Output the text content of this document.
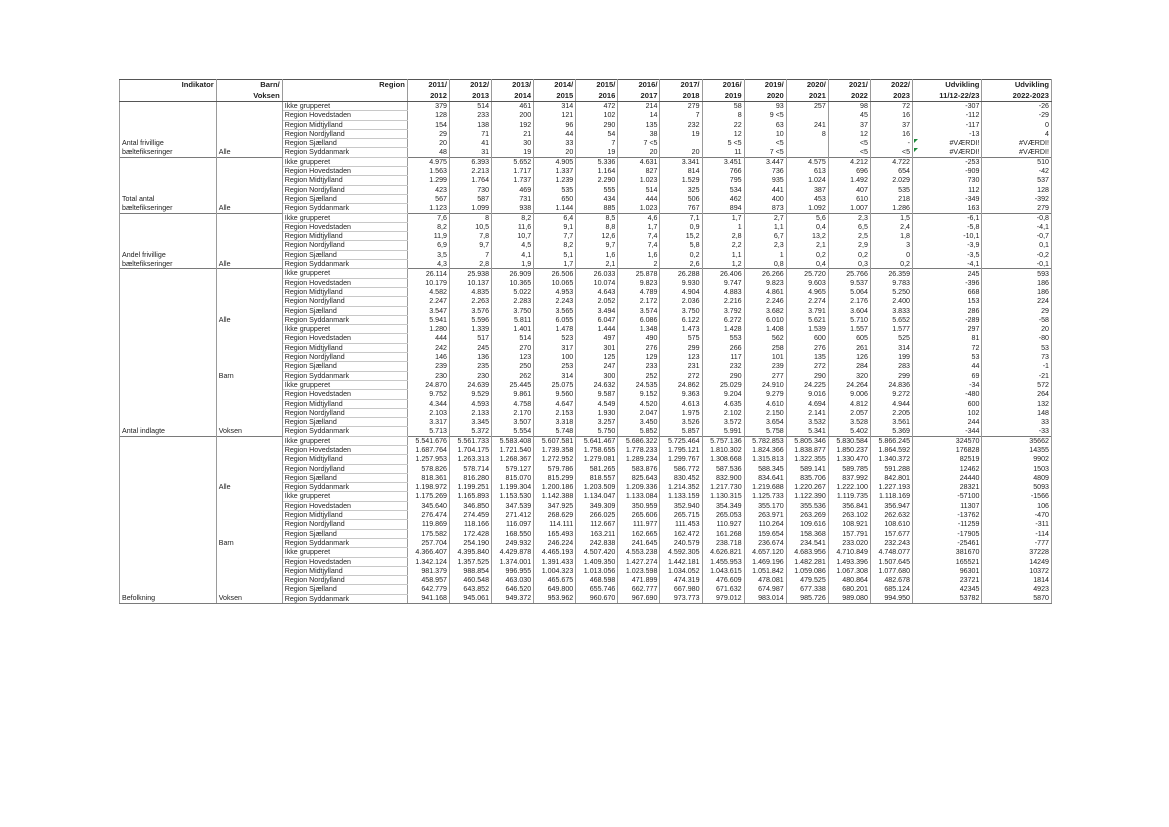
Indikator	Barn/	Region	2011/	2012/	2013/	2014/	2015/	2016/	2017/	2016/	2019/	2020/	2021/	2022/	Udvikling	Udvikling
	Voksen		2012	2013	2014	2015	2016	2017	2018	2019	2020	2021	2022	2023	11/12-22/23	2022-2023
		Ikke grupperet	379	514	461	314	472	214	279	58	93	257	98	72	-307	-26
		Region Hovedstaden	128	233	200	121	102	14	7	8	9 <5		45	16	-112	-29
		Region Midtjylland	154	138	192	96	290	135	232	22	63	241	37	37	-117	0
		Region Nordjylland	29	71	21	44	54	38	19	12	10	8	12	16	-13	4
Antal frivillige		Region Sjælland	20	41	30	33	7	7 <5		5 <5	<5		<5	-	#VÆRDI!	#VÆRDI!
bæltefikseringer	Alle	Region Syddanmark	48	31	19	20	19	20	20	11	7 <5		<5	<5	#VÆRDI!	#VÆRDI!
		Ikke grupperet	4.975	6.393	5.652	4.905	5.336	4.631	3.341	3.451	3.447	4.575	4.212	4.722	-253	510
		Region Hovedstaden	1.563	2.213	1.717	1.337	1.164	827	814	766	736	613	696	654	-909	-42
		Region Midtjylland	1.299	1.764	1.737	1.239	2.290	1.023	1.529	795	935	1.024	1.492	2.029	730	537
		Region Nordjylland	423	730	469	535	555	514	325	534	441	387	407	535	112	128
Total antal		Region Sjælland	567	587	731	650	434	444	506	462	400	453	610	218	-349	-392
bæltefikseringer	Alle	Region Syddanmark	1.123	1.099	938	1.144	885	1.023	767	894	873	1.092	1.007	1.286	163	279
		Ikke grupperet	7,6	8	8,2	6,4	8,5	4,6	7,1	1,7	2,7	5,6	2,3	1,5	-6,1	-0,8
		Region Hovedstaden	8,2	10,5	11,6	9,1	8,8	1,7	0,9	1	1,1	0,4	6,5	2,4	-5,8	-4,1
		Region Midtjylland	11,9	7,8	10,7	7,7	12,6	7,4	15,2	2,8	6,7	13,2	2,5	1,8	-10,1	-0,7
		Region Nordjylland	6,9	9,7	4,5	8,2	9,7	7,4	5,8	2,2	2,3	2,1	2,9	3	-3,9	0,1
Andel frivillige		Region Sjælland	3,5	7	4,1	5,1	1,6	1,6	0,2	1,1	1	0,2	0,2	0	-3,5	-0,2
bæltefikseringer	Alle	Region Syddanmark	4,3	2,8	1,9	1,7	2,1	2	2,6	1,2	0,8	0,4	0,3	0,2	-4,1	-0,1
		Ikke grupperet	26.114	25.938	26.909	26.506	26.033	25.878	26.288	26.406	26.266	25.720	25.766	26.359	245	593
		Region Hovedstaden	10.179	10.137	10.365	10.065	10.074	9.823	9.930	9.747	9.823	9.603	9.537	9.783	-396	186
		Region Midtjylland	4.582	4.835	5.022	4.953	4.643	4.789	4.904	4.883	4.861	4.965	5.064	5.250	668	186
		Region Nordjylland	2.247	2.263	2.283	2.243	2.052	2.172	2.036	2.216	2.246	2.274	2.176	2.400	153	224
		Region Sjælland	3.547	3.576	3.750	3.565	3.494	3.574	3.750	3.792	3.682	3.791	3.604	3.833	286	29
	Alle	Region Syddanmark	5.941	5.596	5.811	6.055	6.047	6.086	6.122	6.272	6.010	5.621	5.710	5.652	-289	-58
		Ikke grupperet	1.280	1.339	1.401	1.478	1.444	1.348	1.473	1.428	1.408	1.539	1.557	1.577	297	20
		Region Hovedstaden	444	517	514	523	497	490	575	553	562	600	605	525	81	-80
		Region Midtjylland	242	245	270	317	301	276	299	266	258	276	261	314	72	53
		Region Nordjylland	146	136	123	100	125	129	123	117	101	135	126	199	53	73
		Region Sjælland	239	235	250	253	247	233	231	232	239	272	284	283	44	-1
	Barn	Region Syddanmark	230	230	262	314	300	252	272	290	277	290	320	299	69	-21
		Ikke grupperet	24.870	24.639	25.445	25.075	24.632	24.535	24.862	25.029	24.910	24.225	24.264	24.836	-34	572
		Region Hovedstaden	9.752	9.529	9.861	9.560	9.587	9.152	9.363	9.204	9.279	9.016	9.006	9.272	-480	264
		Region Midtjylland	4.344	4.593	4.758	4.647	4.549	4.520	4.613	4.635	4.610	4.694	4.812	4.944	600	132
		Region Nordjylland	2.103	2.133	2.170	2.153	1.930	2.047	1.975	2.102	2.150	2.141	2.057	2.205	102	148
		Region Sjælland	3.317	3.345	3.507	3.318	3.257	3.450	3.526	3.572	3.654	3.532	3.528	3.561	244	33
Antal indlagte	Voksen	Region Syddanmark	5.713	5.372	5.554	5.748	5.750	5.852	5.857	5.991	5.758	5.341	5.402	5.369	-344	-33
		Ikke grupperet	5.541.676	5.561.733	5.583.408	5.607.581	5.641.467	5.686.322	5.725.464	5.757.136	5.782.853	5.805.346	5.830.584	5.866.245	324570	35662
		Region Hovedstaden	1.687.764	1.704.175	1.721.540	1.739.358	1.758.655	1.778.233	1.795.121	1.810.302	1.824.366	1.838.877	1.850.237	1.864.592	176828	14355
		Region Midtjylland	1.257.953	1.263.313	1.268.367	1.272.952	1.279.081	1.289.234	1.299.767	1.308.668	1.315.813	1.322.355	1.330.470	1.340.372	82519	9902
		Region Nordjylland	578.826	578.714	579.127	579.786	581.265	583.876	586.772	587.536	588.345	589.141	589.785	591.288	12462	1503
		Region Sjælland	818.361	816.280	815.070	815.299	818.557	825.643	830.452	832.900	834.641	835.706	837.992	842.801	24440	4809
	Alle	Region Syddanmark	1.198.972	1.199.251	1.199.304	1.200.186	1.203.509	1.209.336	1.214.352	1.217.730	1.219.688	1.220.267	1.222.100	1.227.193	28321	5093
		Ikke grupperet	1.175.269	1.165.893	1.153.530	1.142.388	1.134.047	1.133.084	1.133.159	1.130.315	1.125.733	1.122.390	1.119.735	1.118.169	-57100	-1566
		Region Hovedstaden	345.640	346.850	347.539	347.925	349.309	350.959	352.940	354.349	355.170	355.536	356.841	356.947	11307	106
		Region Midtjylland	276.474	274.459	271.412	268.629	266.025	265.606	265.715	265.053	263.971	263.269	263.102	262.632	-13762	-470
		Region Nordjylland	119.869	118.166	116.097	114.111	112.667	111.977	111.453	110.927	110.264	109.616	108.921	108.610	-11259	-311
		Region Sjælland	175.582	172.428	168.550	165.493	163.211	162.665	162.472	161.268	159.654	158.368	157.791	157.677	-17905	-114
	Barn	Region Syddanmark	257.704	254.190	249.932	246.224	242.838	241.645	240.579	238.718	236.674	234.541	233.020	232.243	-25461	-777
		Ikke grupperet	4.366.407	4.395.840	4.429.878	4.465.193	4.507.420	4.553.238	4.592.305	4.626.821	4.657.120	4.683.956	4.710.849	4.748.077	381670	37228
		Region Hovedstaden	1.342.124	1.357.525	1.374.001	1.391.433	1.409.350	1.427.274	1.442.181	1.455.953	1.469.196	1.482.281	1.493.396	1.507.645	165521	14249
		Region Midtjylland	981.379	988.854	996.955	1.004.323	1.013.056	1.023.598	1.034.052	1.043.615	1.051.842	1.059.086	1.067.308	1.077.680	96301	10372
		Region Nordjylland	458.957	460.548	463.030	465.675	468.598	471.899	474.319	476.609	478.081	479.525	480.864	482.678	23721	1814
		Region Sjælland	642.779	643.852	646.520	649.800	655.746	662.777	667.980	671.632	674.987	677.338	680.201	685.124	42345	4923
Befolkning	Voksen	Region Syddanmark	941.168	945.061	949.372	953.962	960.670	967.690	973.773	979.012	983.014	985.726	989.080	994.950	53782	5870
